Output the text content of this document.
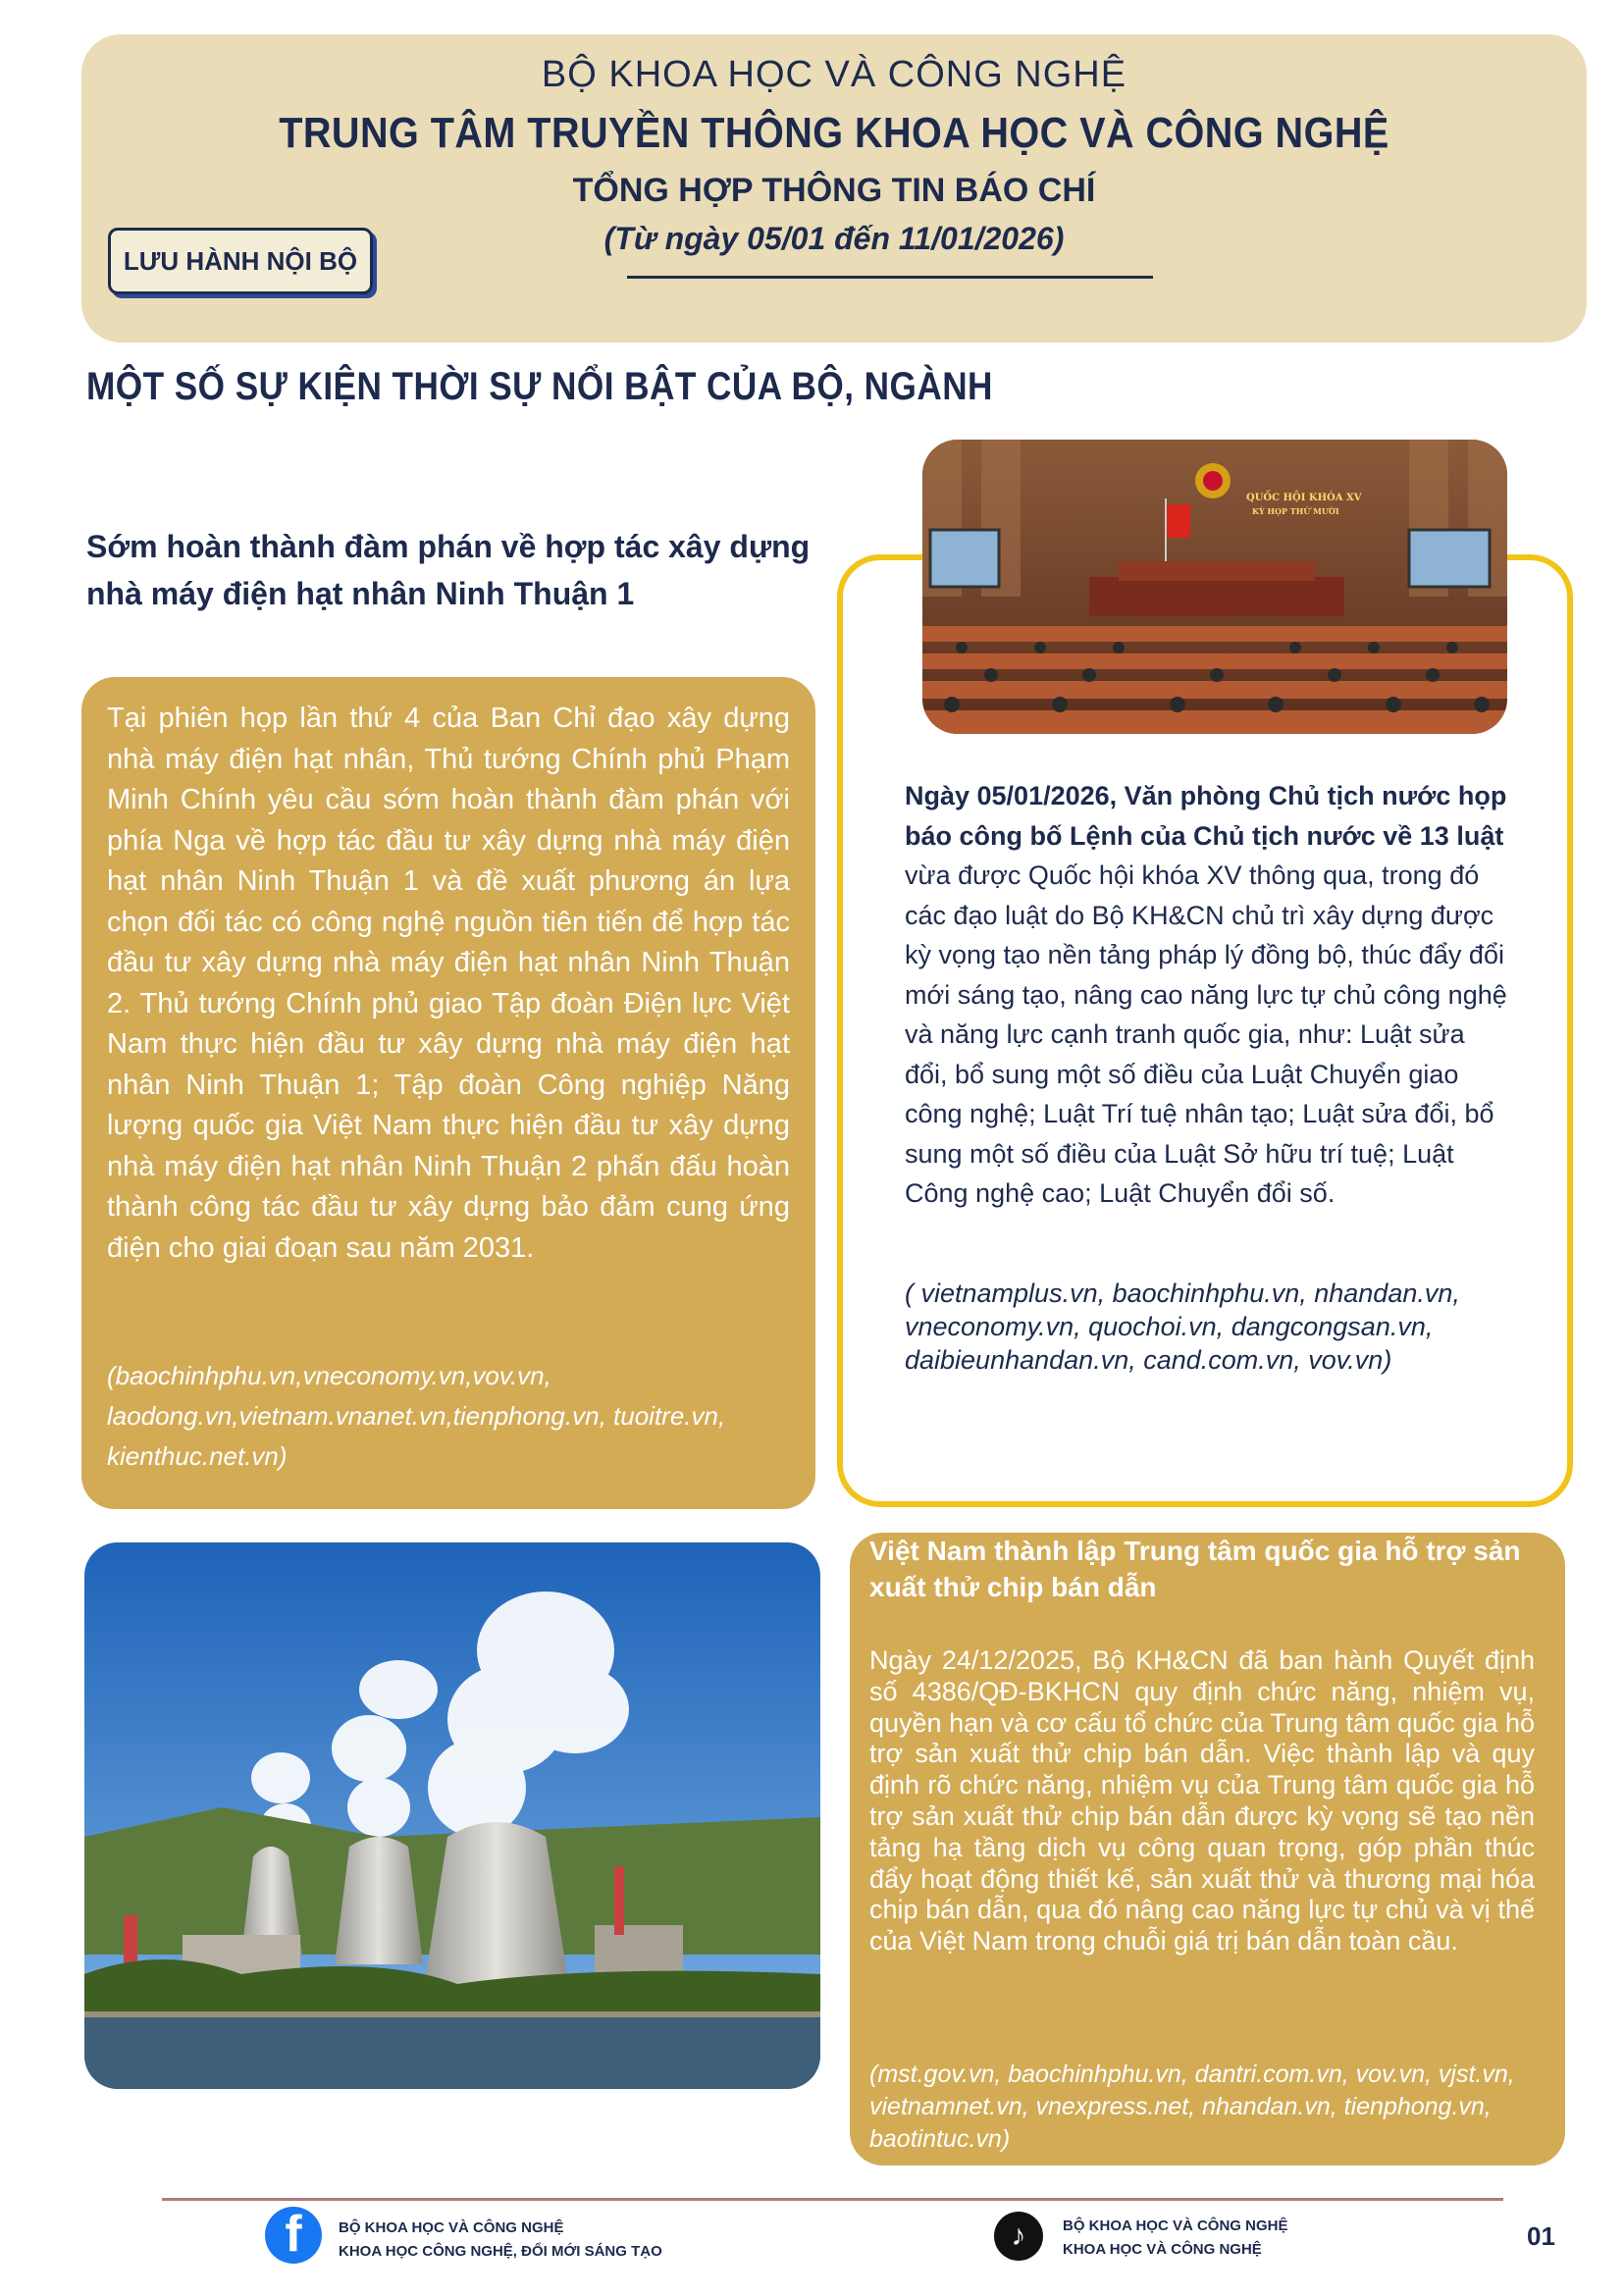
BỘ KHOA HỌC VÀ CÔNG NGHỆ
TRUNG TÂM TRUYỀN THÔNG KHOA HỌC VÀ CÔNG NGHỆ
TỔNG HỢP THÔNG TIN BÁO CHÍ
(Từ ngày 05/01 đến 11/01/2026)
LƯU HÀNH NỘI BỘ
MỘT SỐ SỰ KIỆN THỜI SỰ NỔI BẬT CỦA BỘ, NGÀNH
Sớm hoàn thành đàm phán về hợp tác xây dựng nhà máy điện hạt nhân Ninh Thuận 1
Tại phiên họp lần thứ 4 của Ban Chỉ đạo xây dựng nhà máy điện hạt nhân, Thủ tướng Chính phủ Phạm Minh Chính yêu cầu sớm hoàn thành đàm phán với phía Nga về hợp tác đầu tư xây dựng nhà máy điện hạt nhân Ninh Thuận 1 và đề xuất phương án lựa chọn đối tác có công nghệ nguồn tiên tiến để hợp tác đầu tư xây dựng nhà máy điện hạt nhân Ninh Thuận 2. Thủ tướng Chính phủ giao Tập đoàn Điện lực Việt Nam thực hiện đầu tư xây dựng nhà máy điện hạt nhân Ninh Thuận 1; Tập đoàn Công nghiệp Năng lượng quốc gia Việt Nam thực hiện đầu tư xây dựng nhà máy điện hạt nhân Ninh Thuận 2 phấn đấu hoàn thành công tác đầu tư xây dựng bảo đảm cung ứng điện cho giai đoạn sau năm 2031.
(baochinhphu.vn,vneconomy.vn,vov.vn, laodong.vn,vietnam.vnanet.vn,tienphong.vn, tuoitre.vn, kienthuc.net.vn)
Ngày 05/01/2026, Văn phòng Chủ tịch nước họp báo công bố Lệnh của Chủ tịch nước về 13 luật vừa được Quốc hội khóa XV thông qua, trong đó các đạo luật do Bộ KH&CN chủ trì xây dựng được kỳ vọng tạo nền tảng pháp lý đồng bộ, thúc đẩy đổi mới sáng tạo, nâng cao năng lực tự chủ công nghệ và năng lực cạnh tranh quốc gia, như: Luật sửa đổi, bổ sung một số điều của Luật Chuyển giao công nghệ; Luật Trí tuệ nhân tạo; Luật sửa đổi, bổ sung một số điều của Luật Sở hữu trí tuệ; Luật Công nghệ cao; Luật Chuyển đổi số.
( vietnamplus.vn, baochinhphu.vn, nhandan.vn, vneconomy.vn, quochoi.vn, dangcongsan.vn, daibieunhandan.vn, cand.com.vn, vov.vn)
QUỐC HỘI KHÓA XV
KỲ HỌP THỨ MƯỜI
Việt Nam thành lập Trung tâm quốc gia hỗ trợ sản xuất thử chip bán dẫn
Ngày 24/12/2025, Bộ KH&CN đã ban hành Quyết định số 4386/QĐ-BKHCN quy định chức năng, nhiệm vụ, quyền hạn và cơ cấu tổ chức của Trung tâm quốc gia hỗ trợ sản xuất thử chip bán dẫn. Việc thành lập và quy định rõ chức năng, nhiệm vụ của Trung tâm quốc gia hỗ trợ sản xuất thử chip bán dẫn được kỳ vọng sẽ tạo nền tảng hạ tầng dịch vụ công quan trọng, góp phần thúc đẩy hoạt động thiết kế, sản xuất thử và thương mại hóa chip bán dẫn, qua đó nâng cao năng lực tự chủ và vị thế của Việt Nam trong chuỗi giá trị bán dẫn toàn cầu.
(mst.gov.vn, baochinhphu.vn, dantri.com.vn, vov.vn, vjst.vn, vietnamnet.vn, vnexpress.net, nhandan.vn, tienphong.vn, baotintuc.vn)
f	BỘ KHOA HỌC VÀ CÔNG NGHỆ
KHOA HỌC CÔNG NGHỆ, ĐỔI MỚI SÁNG TẠO	♪	BỘ KHOA HỌC VÀ CÔNG NGHỆ
KHOA HỌC VÀ CÔNG NGHỆ	01
